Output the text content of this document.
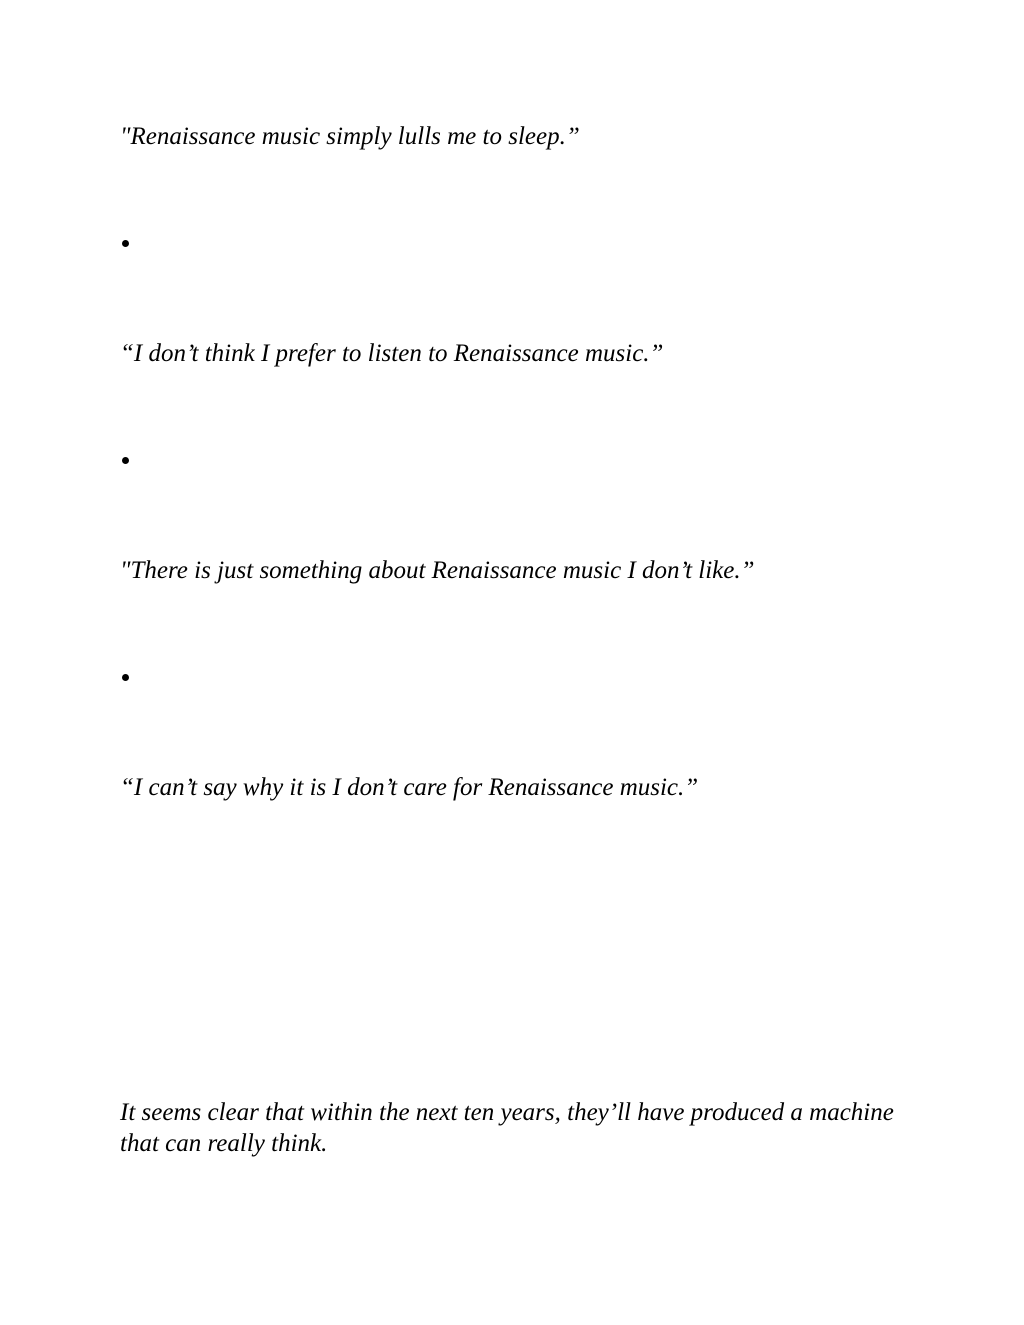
"Renaissance music simply lulls me to sleep.”

“I don’t think I prefer to listen to Renaissance music.”

"There is just something about Renaissance music I don’t like.”

“I can’t say why it is I don’t care for Renaissance music.”

It seems clear that within the next ten years, they’ll have produced a machine that can really think.
